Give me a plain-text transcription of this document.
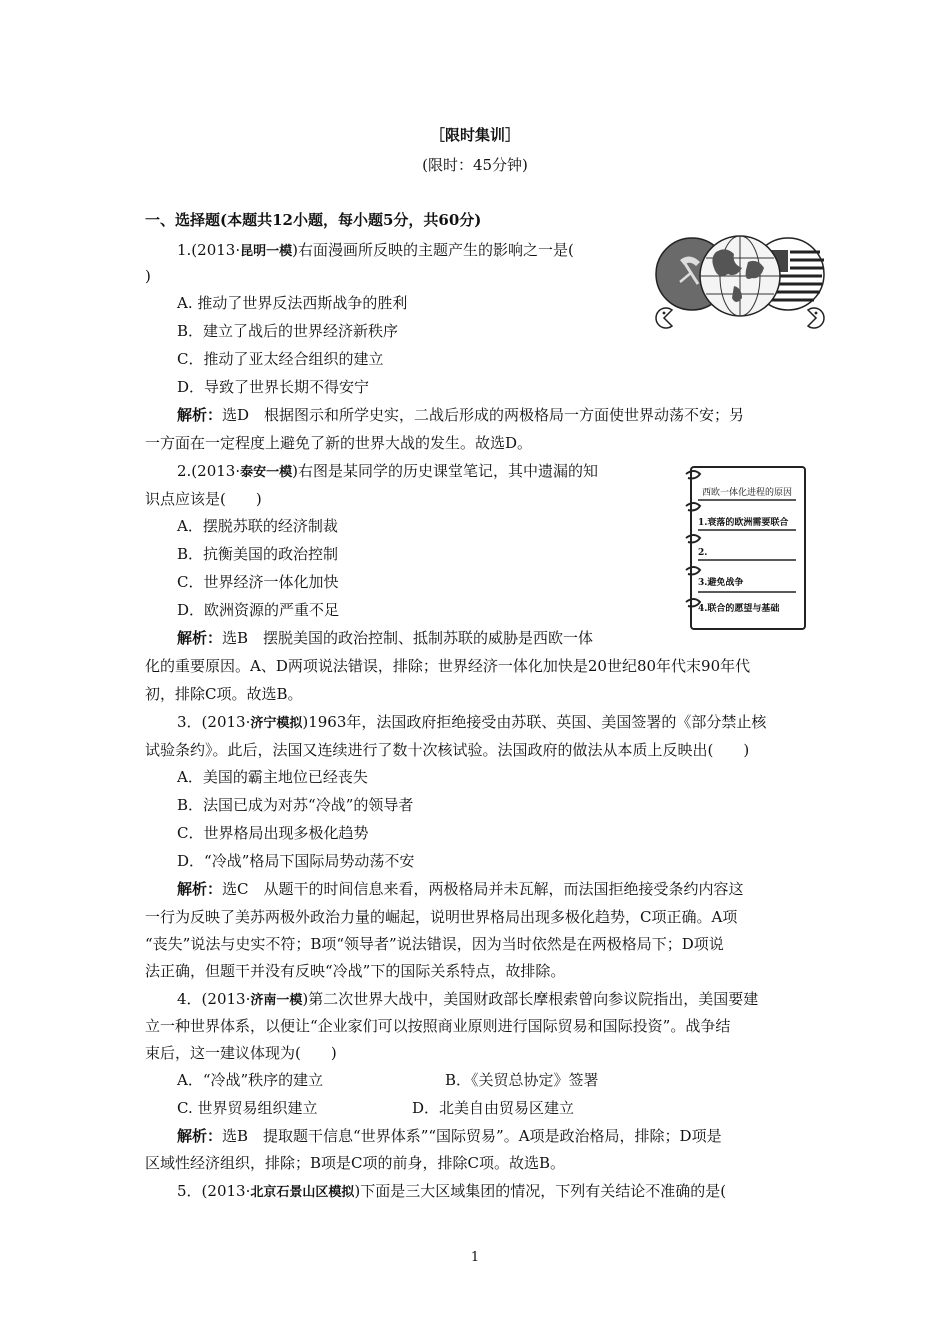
［限时集训］
(限时：45分钟)
一、选择题(本题共12小题，每小题5分，共60分)
1.(2013·昆明一模)右面漫画所反映的主题产生的影响之一是(
)
A. 推动了世界反法西斯战争的胜利
B．建立了战后的世界经济新秩序
C．推动了亚太经合组织的建立
D．导致了世界长期不得安宁
解析：选D　根据图示和所学史实，二战后形成的两极格局一方面使世界动荡不安；另
一方面在一定程度上避免了新的世界大战的发生。故选D。
2.(2013·泰安一模)右图是某同学的历史课堂笔记，其中遗漏的知
识点应该是(　　)
A．摆脱苏联的经济制裁
B．抗衡美国的政治控制
C．世界经济一体化加快
D．欧洲资源的严重不足
解析：选B　摆脱美国的政治控制、抵制苏联的威胁是西欧一体
化的重要原因。A、D两项说法错误，排除；世界经济一体化加快是20世纪80年代末90年代
初，排除C项。故选B。
西欧一体化进程的原因
1.衰落的欧洲需要联合
2.
3.避免战争
4.联合的愿望与基础
3．(2013·济宁模拟)1963年，法国政府拒绝接受由苏联、英国、美国签署的《部分禁止核
试验条约》。此后，法国又连续进行了数十次核试验。法国政府的做法从本质上反映出(　　)
A．美国的霸主地位已经丧失
B．法国已成为对苏“冷战”的领导者
C．世界格局出现多极化趋势
D．“冷战”格局下国际局势动荡不安
解析：选C　从题干的时间信息来看，两极格局并未瓦解，而法国拒绝接受条约内容这
一行为反映了美苏两极外政治力量的崛起，说明世界格局出现多极化趋势，C项正确。A项
“丧失”说法与史实不符；B项“领导者”说法错误，因为当时依然是在两极格局下；D项说
法正确，但题干并没有反映“冷战”下的国际关系特点，故排除。
4．(2013·济南一模)第二次世界大战中，美国财政部长摩根索曾向参议院指出，美国要建
立一种世界体系，以便让“企业家们可以按照商业原则进行国际贸易和国际投资”。战争结
束后，这一建议体现为(　　)
A．“冷战”秩序的建立	B．《关贸总协定》签署
C. 世界贸易组织建立	D．北美自由贸易区建立
解析：选B　提取题干信息“世界体系”“国际贸易”。A项是政治格局，排除；D项是
区域性经济组织，排除；B项是C项的前身，排除C项。故选B。
5．(2013·北京石景山区模拟)下面是三大区域集团的情况，下列有关结论不准确的是(
1
